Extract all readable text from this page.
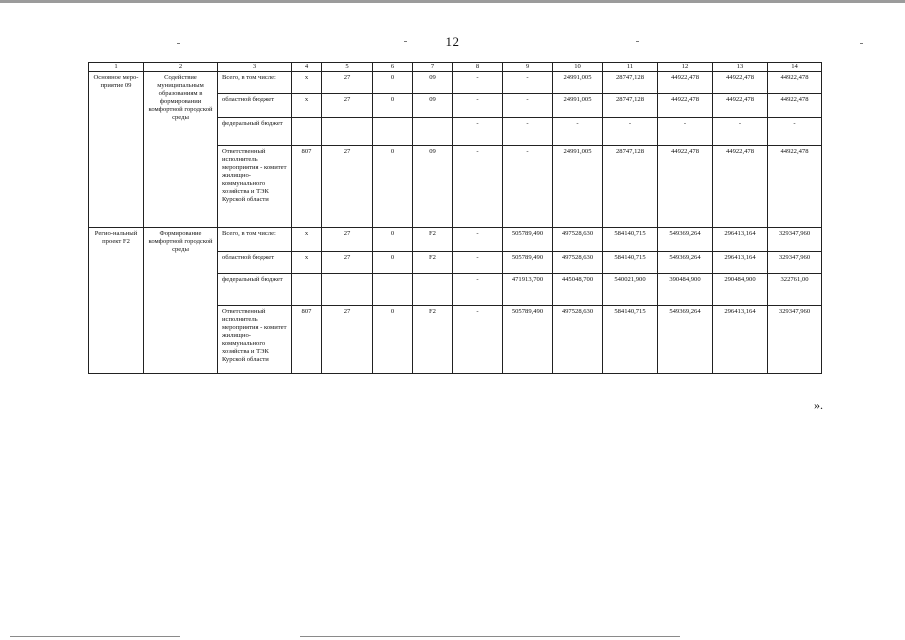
12
1	2	3	4	5	6	7	8	9	10	11	12	13	14
Основное меро-приятие 09	Содействие муниципальным образованиям в формировании комфортной городской среды	Всего, в том числе:	х	27	0	09	-	-	24991,005	28747,128	44922,478	44922,478	44922,478
		областной бюджет	х	27	0	09	-	-	24991,005	28747,128	44922,478	44922,478	44922,478
		федеральный бюджет					-	-	-	-	-	-	-
		Ответственный исполнитель мероприятия - комитет жилищно-коммунального хозяйства и ТЭК Курской области	807	27	0	09	-	-	24991,005	28747,128	44922,478	44922,478	44922,478
Регио-нальный проект F2	Формирование комфортной городской среды	Всего, в том числе:	х	27	0	F2	-	505789,490	497528,630	584140,715	549369,264	296413,164	329347,960
		областной бюджет	х	27	0	F2	-	505789,490	497528,630	584140,715	549369,264	296413,164	329347,960
		федеральный бюджет					-	471913,700	445048,700	540021,900	390484,900	290484,900	322761,00
		Ответственный исполнитель мероприятия - комитет жилищно-коммунального хозяйства и ТЭК Курской области	807	27	0	F2	-	505789,490	497528,630	584140,715	549369,264	296413,164	329347,960
».
